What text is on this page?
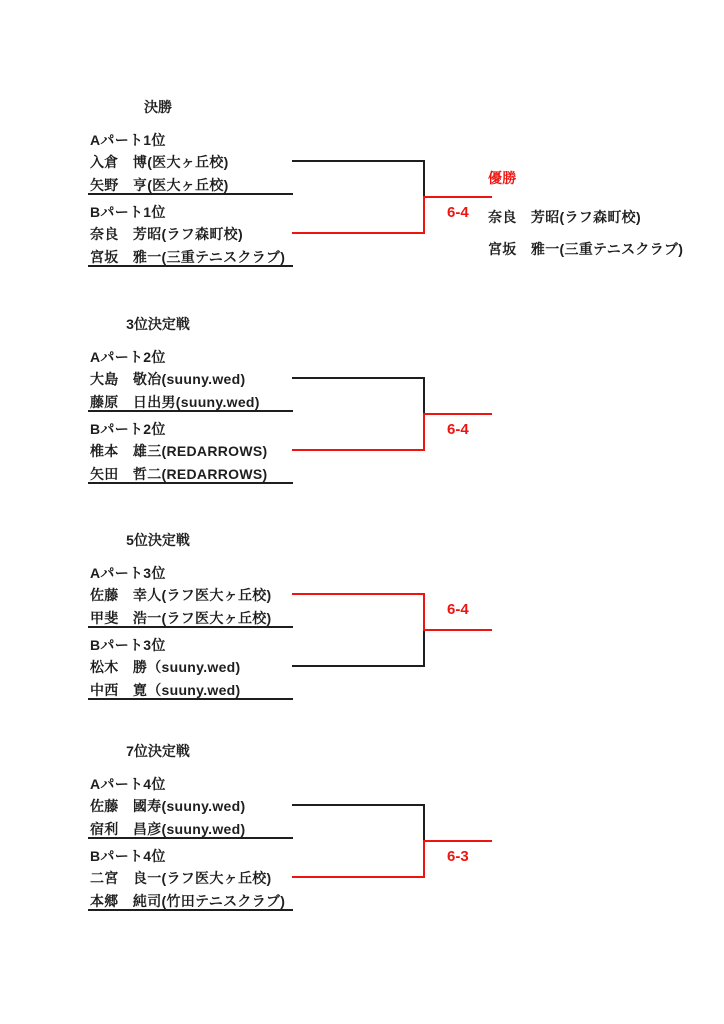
決勝
Aパート1位
入倉　博(医大ヶ丘校)
矢野　亨(医大ヶ丘校)
Bパート1位
奈良　芳昭(ラフ森町校)
宮坂　雅一(三重テニスクラブ)
6-4
優勝
奈良　芳昭(ラフ森町校)
宮坂　雅一(三重テニスクラブ)
3位決定戦
Aパート2位
大島　敬冶(suuny.wed)
藤原　日出男(suuny.wed)
Bパート2位
椎本　雄三(REDARROWS)
矢田　哲二(REDARROWS)
6-4
5位決定戦
Aパート3位
佐藤　幸人(ラフ医大ヶ丘校)
甲斐　浩一(ラフ医大ヶ丘校)
Bパート3位
松木　勝（suuny.wed)
中西　寛（suuny.wed)
6-4
7位決定戦
Aパート4位
佐藤　國寿(suuny.wed)
宿利　昌彦(suuny.wed)
Bパート4位
二宮　良一(ラフ医大ヶ丘校)
本郷　純司(竹田テニスクラブ)
6-3
